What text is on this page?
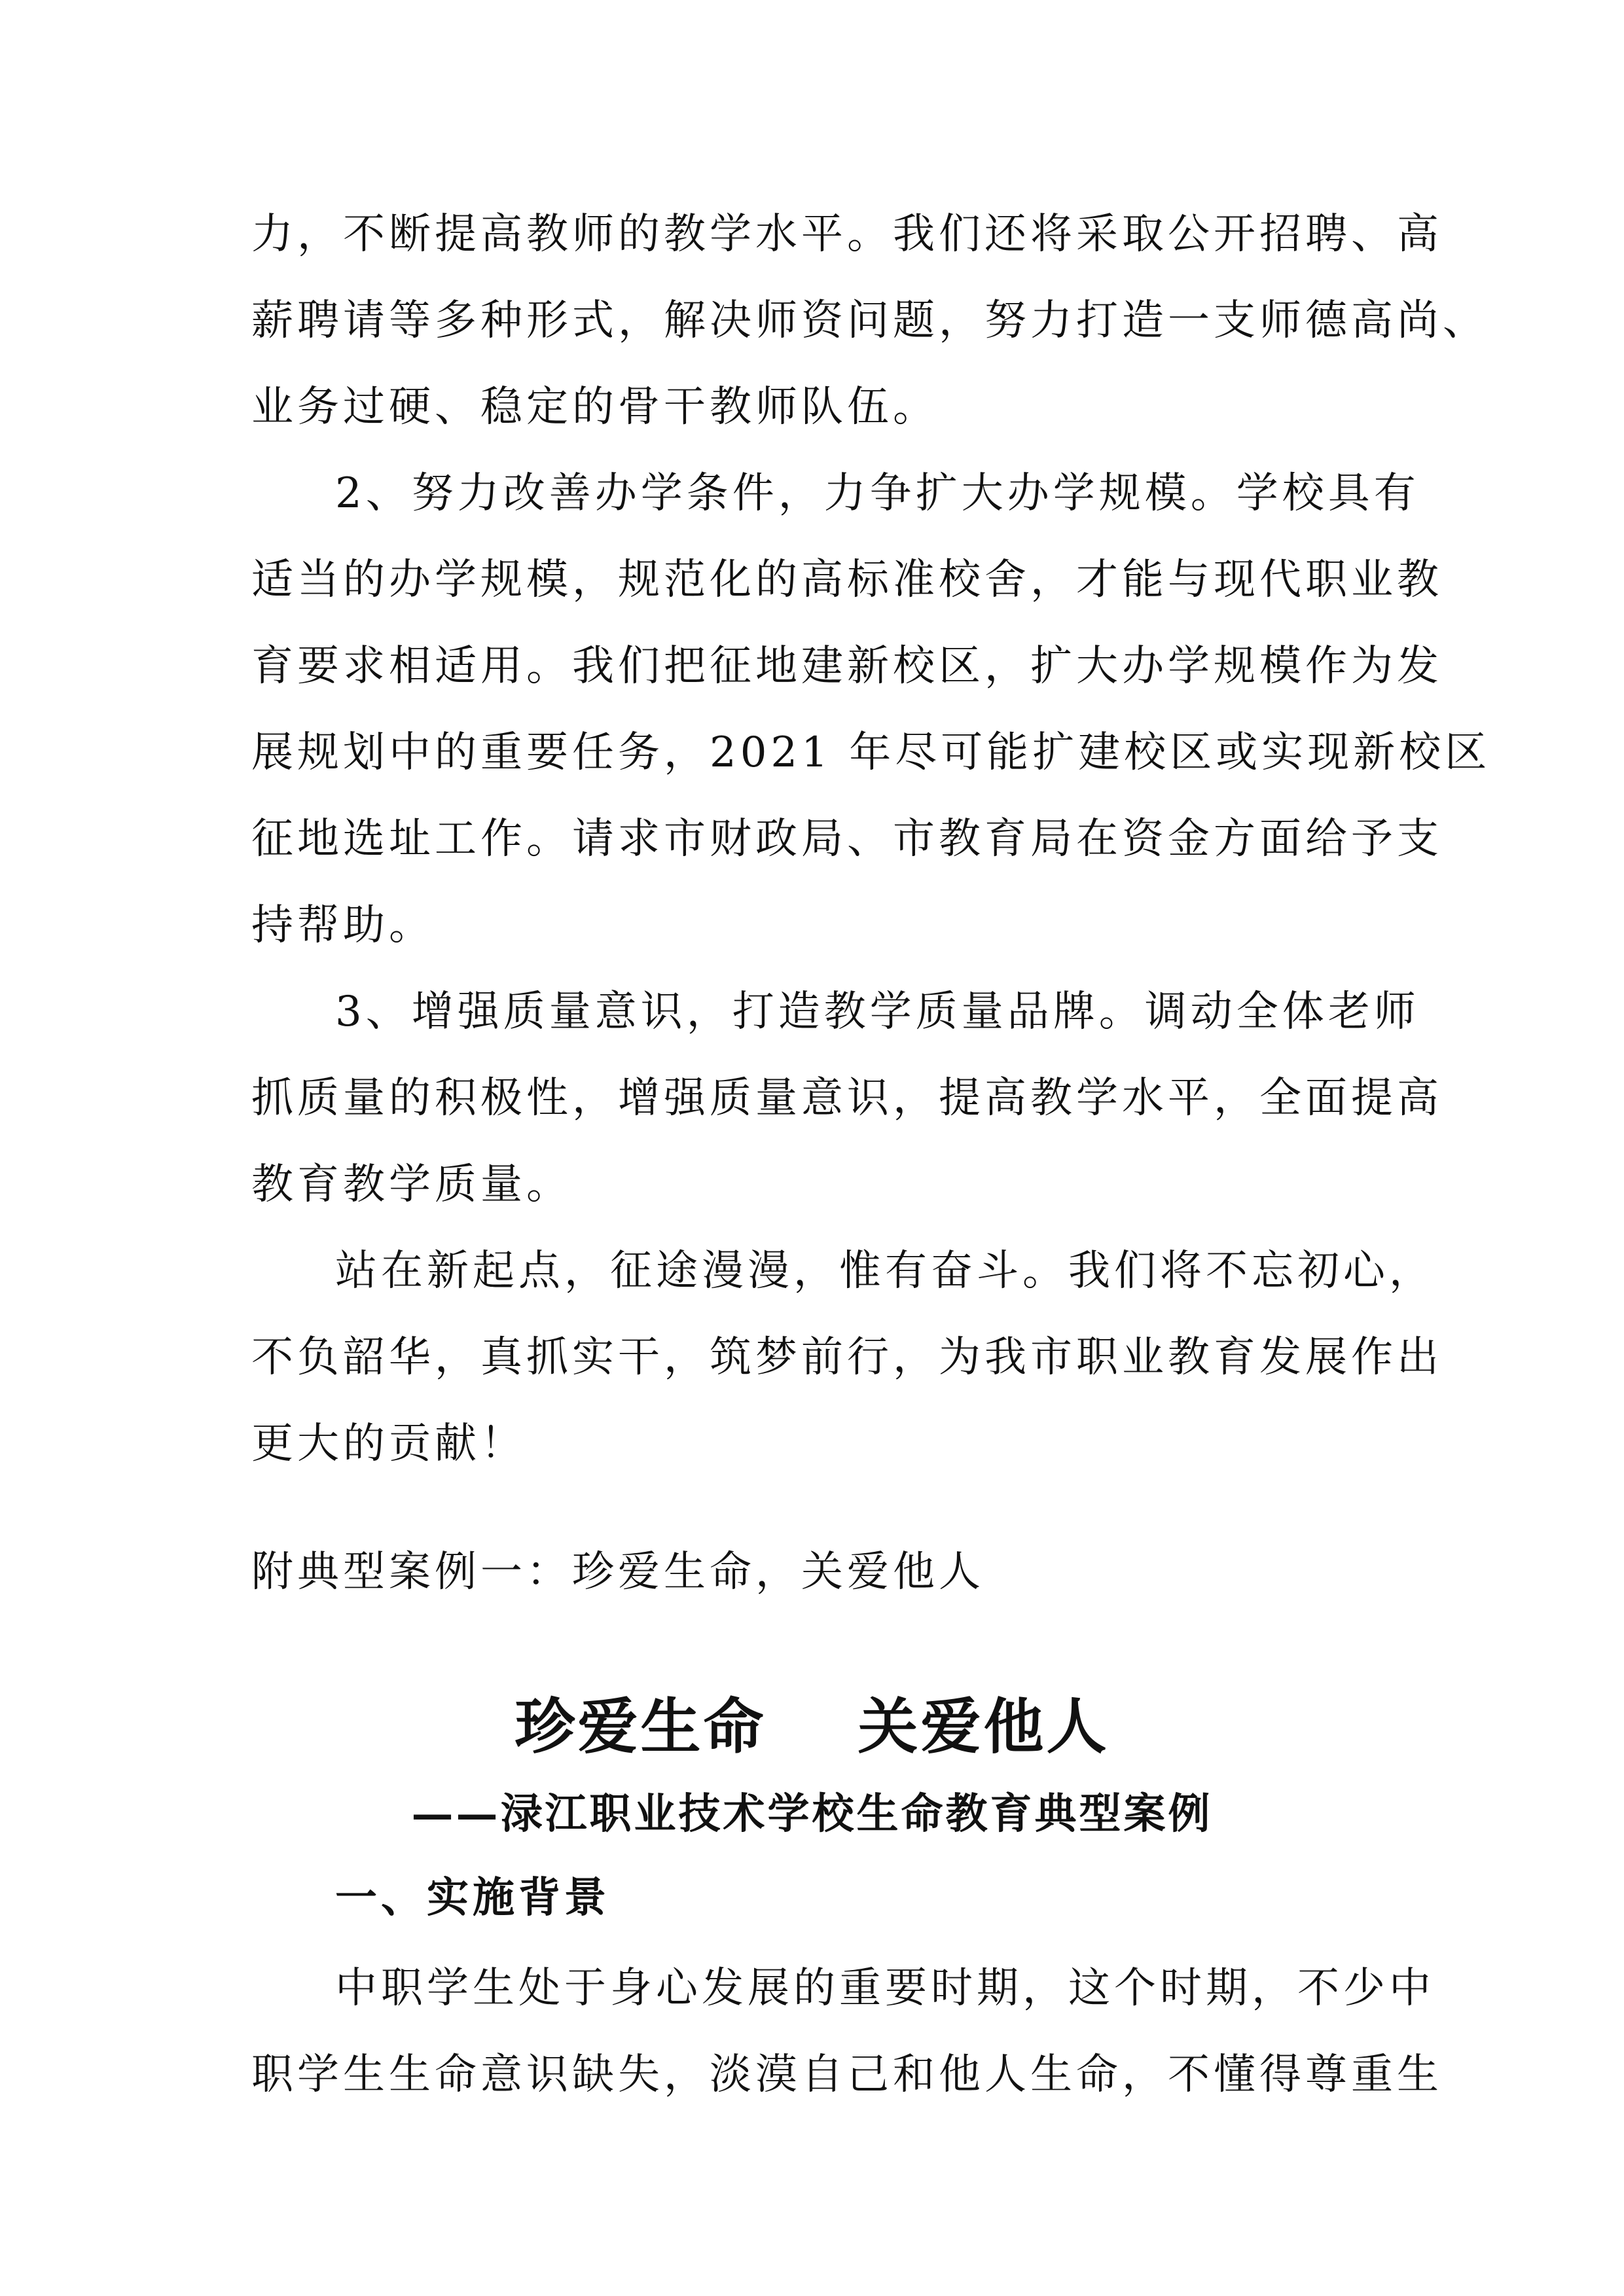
力，不断提高教师的教学水平。我们还将采取公开招聘、高
薪聘请等多种形式，解决师资问题，努力打造一支师德高尚、
业务过硬、稳定的骨干教师队伍。
2、努力改善办学条件，力争扩大办学规模。学校具有
适当的办学规模，规范化的高标准校舍，才能与现代职业教
育要求相适用。我们把征地建新校区，扩大办学规模作为发
展规划中的重要任务，2021 年尽可能扩建校区或实现新校区
征地选址工作。请求市财政局、市教育局在资金方面给予支
持帮助。
3、增强质量意识，打造教学质量品牌。调动全体老师
抓质量的积极性，增强质量意识，提高教学水平，全面提高
教育教学质量。
站在新起点，征途漫漫，惟有奋斗。我们将不忘初心，
不负韶华，真抓实干，筑梦前行，为我市职业教育发展作出
更大的贡献！
附典型案例一：珍爱生命，关爱他人
珍爱生命 关爱他人
——渌江职业技术学校生命教育典型案例
一、实施背景
中职学生处于身心发展的重要时期，这个时期，不少中
职学生生命意识缺失，淡漠自己和他人生命，不懂得尊重生
